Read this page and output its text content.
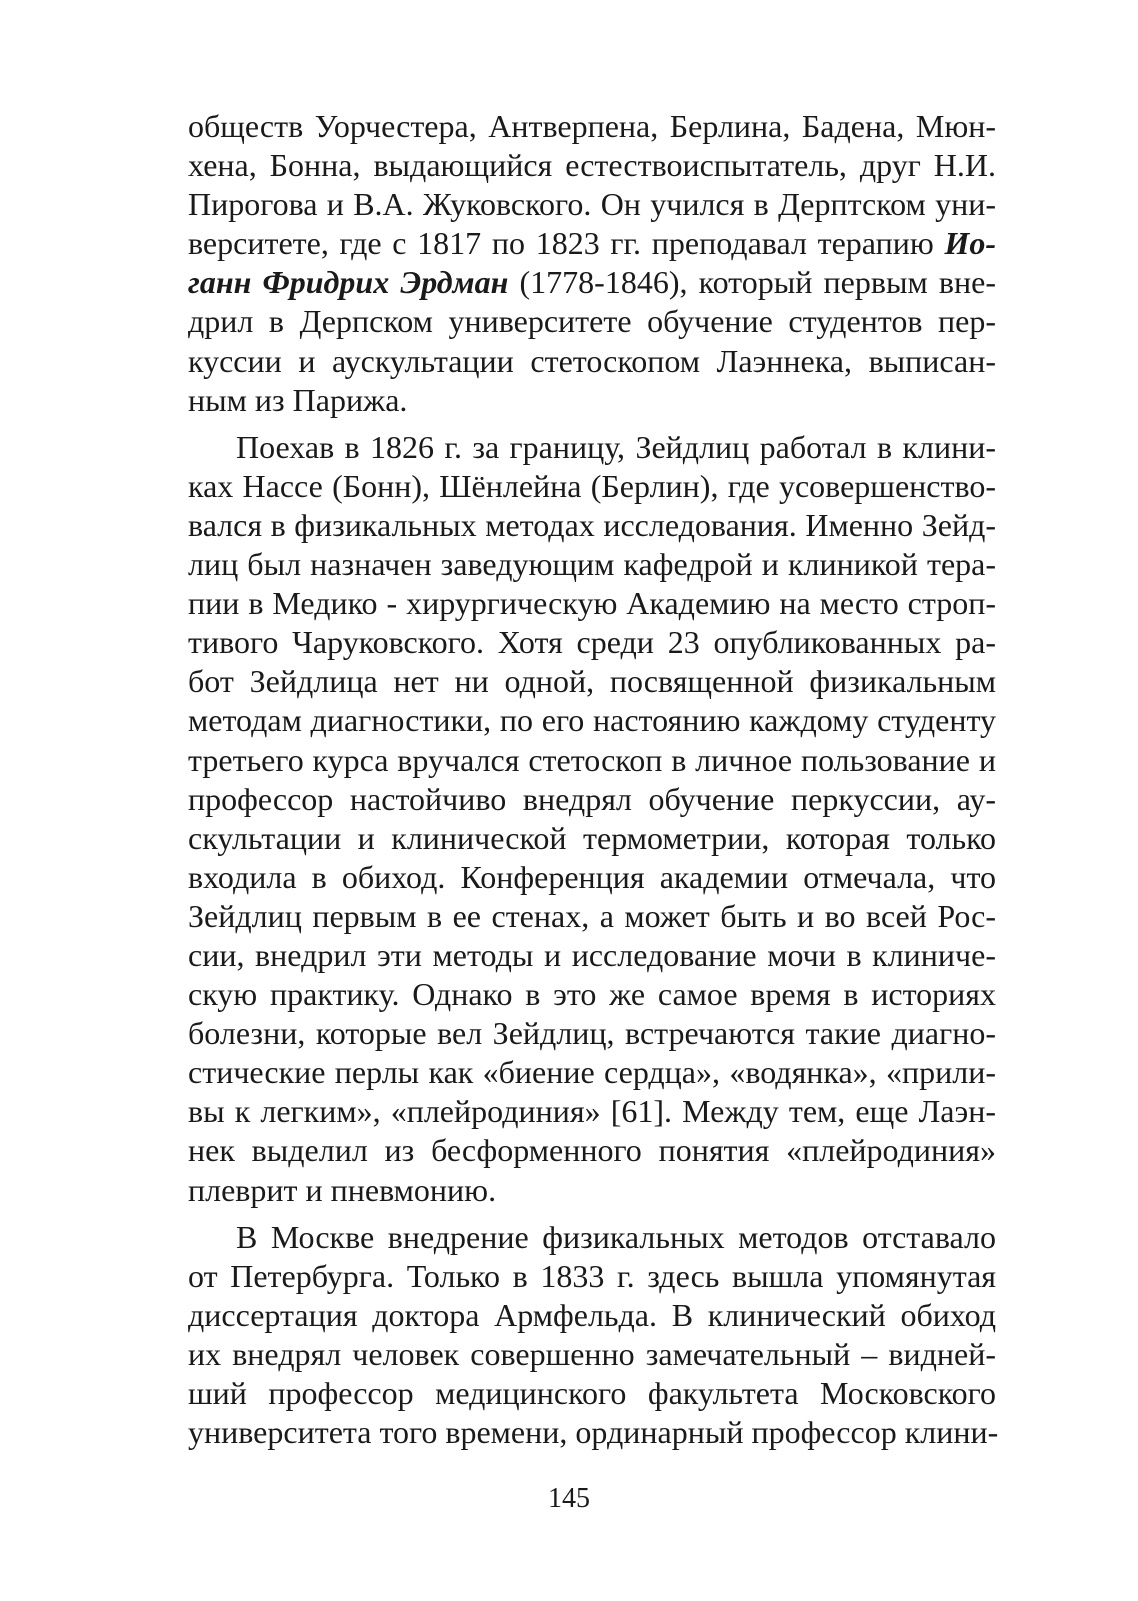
обществ Уорчестера, Антверпена, Берлина, Бадена, Мюн-
хена, Бонна, выдающийся естествоиспытатель, друг Н.И.
Пирогова и В.А. Жуковского. Он учился в Дерптском уни-
верситете, где с 1817 по 1823 гг. преподавал терапию Ио-
ганн Фридрих Эрдман (1778-1846), который первым вне-
дрил в Дерпском университете обучение студентов пер-
куссии и аускультации стетоскопом Лаэннека, выписан-
ным из Парижа.
Поехав в 1826 г. за границу, Зейдлиц работал в клини-
ках Нассе (Бонн), Шёнлейна (Берлин), где усовершенство-
вался в физикальных методах исследования. Именно Зейд-
лиц был назначен заведующим кафедрой и клиникой тера-
пии в Медико - хирургическую Академию на место строп-
тивого Чаруковского. Хотя среди 23 опубликованных ра-
бот Зейдлица нет ни одной, посвященной физикальным
методам диагностики, по его настоянию каждому студенту
третьего курса вручался стетоскоп в личное пользование и
профессор настойчиво внедрял обучение перкуссии, ау-
скультации и клинической термометрии, которая только
входила в обиход. Конференция академии отмечала, что
Зейдлиц первым в ее стенах, а может быть и во всей Рос-
сии, внедрил эти методы и исследование мочи в клиниче-
скую практику. Однако в это же самое время в историях
болезни, которые вел Зейдлиц, встречаются такие диагно-
стические перлы как «биение сердца», «водянка», «прили-
вы к легким», «плейродиния» [61]. Между тем, еще Лаэн-
нек выделил из бесформенного понятия «плейродиния»
плеврит и пневмонию.
В Москве внедрение физикальных методов отставало
от Петербурга. Только в 1833 г. здесь вышла упомянутая
диссертация доктора Армфельда. В клинический обиход
их внедрял человек совершенно замечательный – видней-
ший профессор медицинского факультета Московского
университета того времени, ординарный профессор клини-
145
